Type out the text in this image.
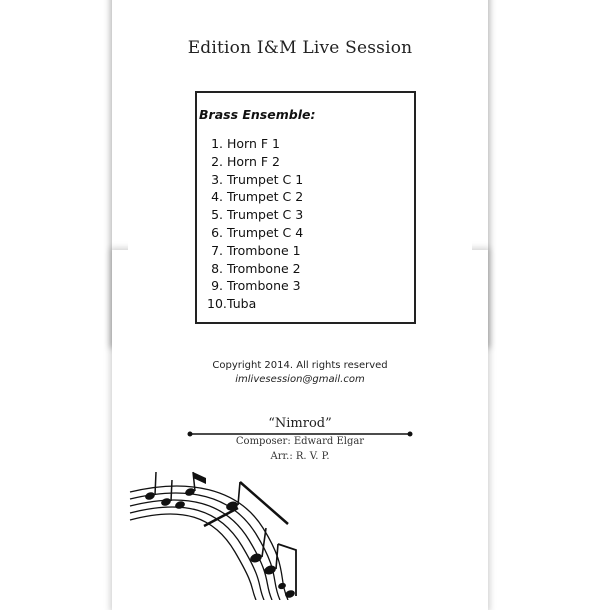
Edition I&M Live Session
Brass Ensemble:
1. Horn F 1
2. Horn F 2
3. Trumpet C 1
4. Trumpet C 2
5. Trumpet C 3
6. Trumpet C 4
7. Trombone 1
8. Trombone 2
9. Trombone 3
10.Tuba
Copyright 2014. All rights reserved
imlivesession@gmail.com
“Nimrod”
Composer: Edward Elgar
Arr.: R. V. P.
